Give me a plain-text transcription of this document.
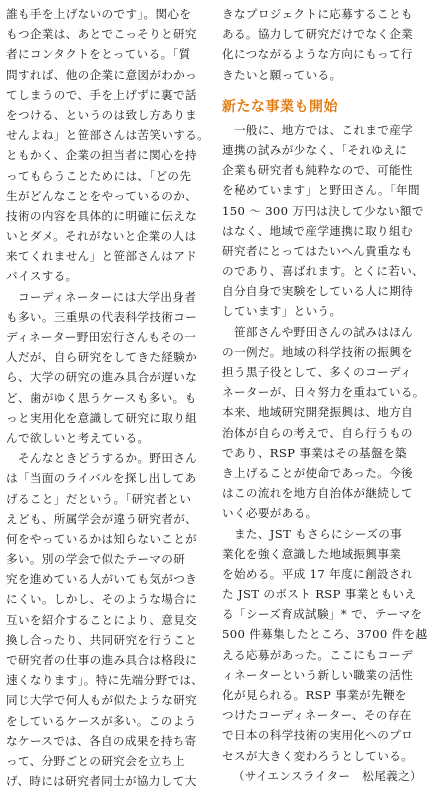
誰も手を上げないのです」。関心を
もつ企業は、あとでこっそりと研究
者にコンタクトをとっている。「質
問すれば、他の企業に意図がわかっ
てしまうので、手を上げずに裏で話
をつける、というのは致し方ありま
せんよね」と笹部さんは苦笑いする。
ともかく、企業の担当者に関心を持
ってもらうことためには、「どの先
生がどんなことをやっているのか、
技術の内容を具体的に明確に伝えな
いとダメ。それがないと企業の人は
来てくれません」と笹部さんはアド
バイスする。
　コーディネーターには大学出身者
も多い。三重県の代表科学技術コー
ディネーター野田宏行さんもその一
人だが、自ら研究をしてきた経験か
ら、大学の研究の進み具合が遅いな
ど、歯がゆく思うケースも多い。も
っと実用化を意識して研究に取り組
んで欲しいと考えている。
　そんなときどうするか。野田さん
は「当面のライバルを探し出してあ
げること」だという。「研究者とい
えども、所属学会が違う研究者が、
何をやっているかは知らないことが
多い。別の学会で似たテーマの研
究を進めている人がいても気がつき
にくい。しかし、そのような場合に
互いを紹介することにより、意見交
換し合ったり、共同研究を行うこと
で研究者の仕事の進み具合は格段に
速くなります」。特に先端分野では、
同じ大学で何人もが似たような研究
をしているケースが多い。このよう
なケースでは、各自の成果を持ち寄
って、分野ごとの研究会を立ち上
げ、時には研究者同士が協力して大
きなプロジェクトに応募することも
ある。協力して研究だけでなく企業
化につながるような方向にもって行
きたいと願っている。
新たな事業も開始
　一般に、地方では、これまで産学
連携の試みが少なく、「それゆえに
企業も研究者も純粋なので、可能性
を秘めています」と野田さん。「年間
150 ～ 300 万円は決して少ない額で
はなく、地域で産学連携に取り組む
研究者にとってはたいへん貴重なも
のであり、喜ばれます。とくに若い、
自分自身で実験をしている人に期待
しています」という。
　笹部さんや野田さんの試みはほん
の一例だ。地域の科学技術の振興を
担う黒子役として、多くのコーディ
ネーターが、日々努力を重ねている。
本来、地域研究開発振興は、地方自
治体が自らの考えで、自ら行うもの
であり、RSP 事業はその基盤を築
き上げることが使命であった。今後
はこの流れを地方自治体が継続して
いく必要がある。
　また、JST もさらにシーズの事
業化を強く意識した地域振興事業
を始める。平成 17 年度に創設され
た JST のポスト RSP 事業ともいえ
る「シーズ育成試験」* で、テーマを
500 件募集したところ、3700 件を越
える応募があった。ここにもコーデ
ィネーターという新しい職業の活性
化が見られる。RSP 事業が先鞭を
つけたコーディネーター、その存在
で日本の科学技術の実用化へのプロ
セスが大きく変わろうとしている。
（サイエンスライター　松尾義之）
